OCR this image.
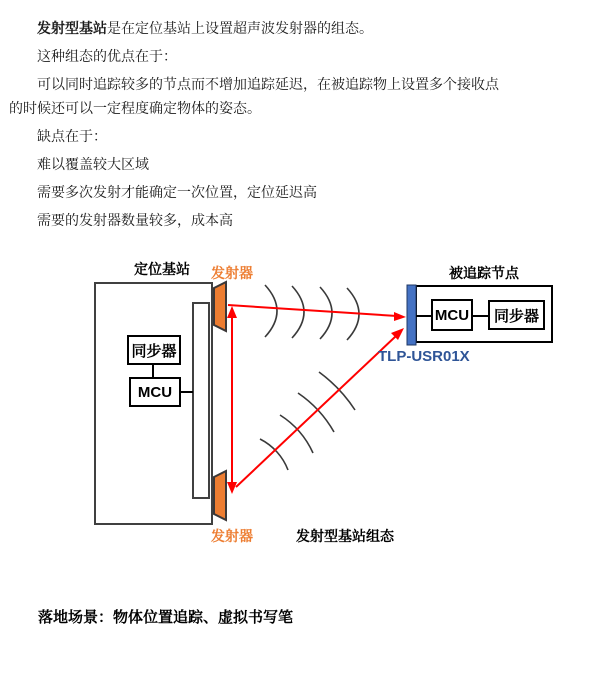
发射型基站是在定位基站上设置超声波发射器的组态。

这种组态的优点在于：

可以同时追踪较多的节点而不增加追踪延迟，在被追踪物上设置多个接收点的时候还可以一定程度确定物体的姿态。

缺点在于：

难以覆盖较大区域

需要多次发射才能确定一次位置，定位延迟高

需要的发射器数量较多，成本高

定位基站 发射器
同步器
MCU
被追踪节点
MCU	同步器
TLP-USR01X
发射器	发射型基站组态
落地场景：物体位置追踪、虚拟书写笔
